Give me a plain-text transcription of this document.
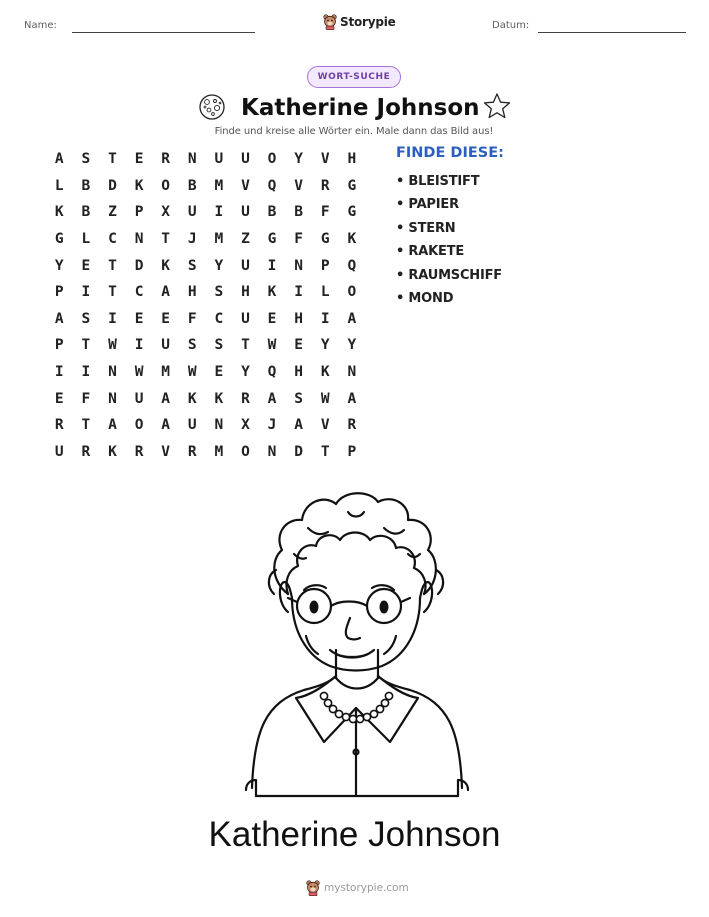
Name:	Storypie	Datum:
WORT-SUCHE
Katherine Johnson
Finde und kreise alle Wörter ein. Male dann das Bild aus!
A	S	T	E	R	N	U	U	O	Y	V	H
L	B	D	K	O	B	M	V	Q	V	R	G
K	B	Z	P	X	U	I	U	B	B	F	G
G	L	C	N	T	J	M	Z	G	F	G	K
Y	E	T	D	K	S	Y	U	I	N	P	Q
P	I	T	C	A	H	S	H	K	I	L	O
A	S	I	E	E	F	C	U	E	H	I	A
P	T	W	I	U	S	S	T	W	E	Y	Y
I	I	N	W	M	W	E	Y	Q	H	K	N
E	F	N	U	A	K	K	R	A	S	W	A
R	T	A	O	A	U	N	X	J	A	V	R
U	R	K	R	V	R	M	O	N	D	T	P
FINDE DIESE:
• BLEISTIFT
• PAPIER
• STERN
• RAKETE
• RAUMSCHIFF
• MOND
Katherine Johnson
mystorypie.com
